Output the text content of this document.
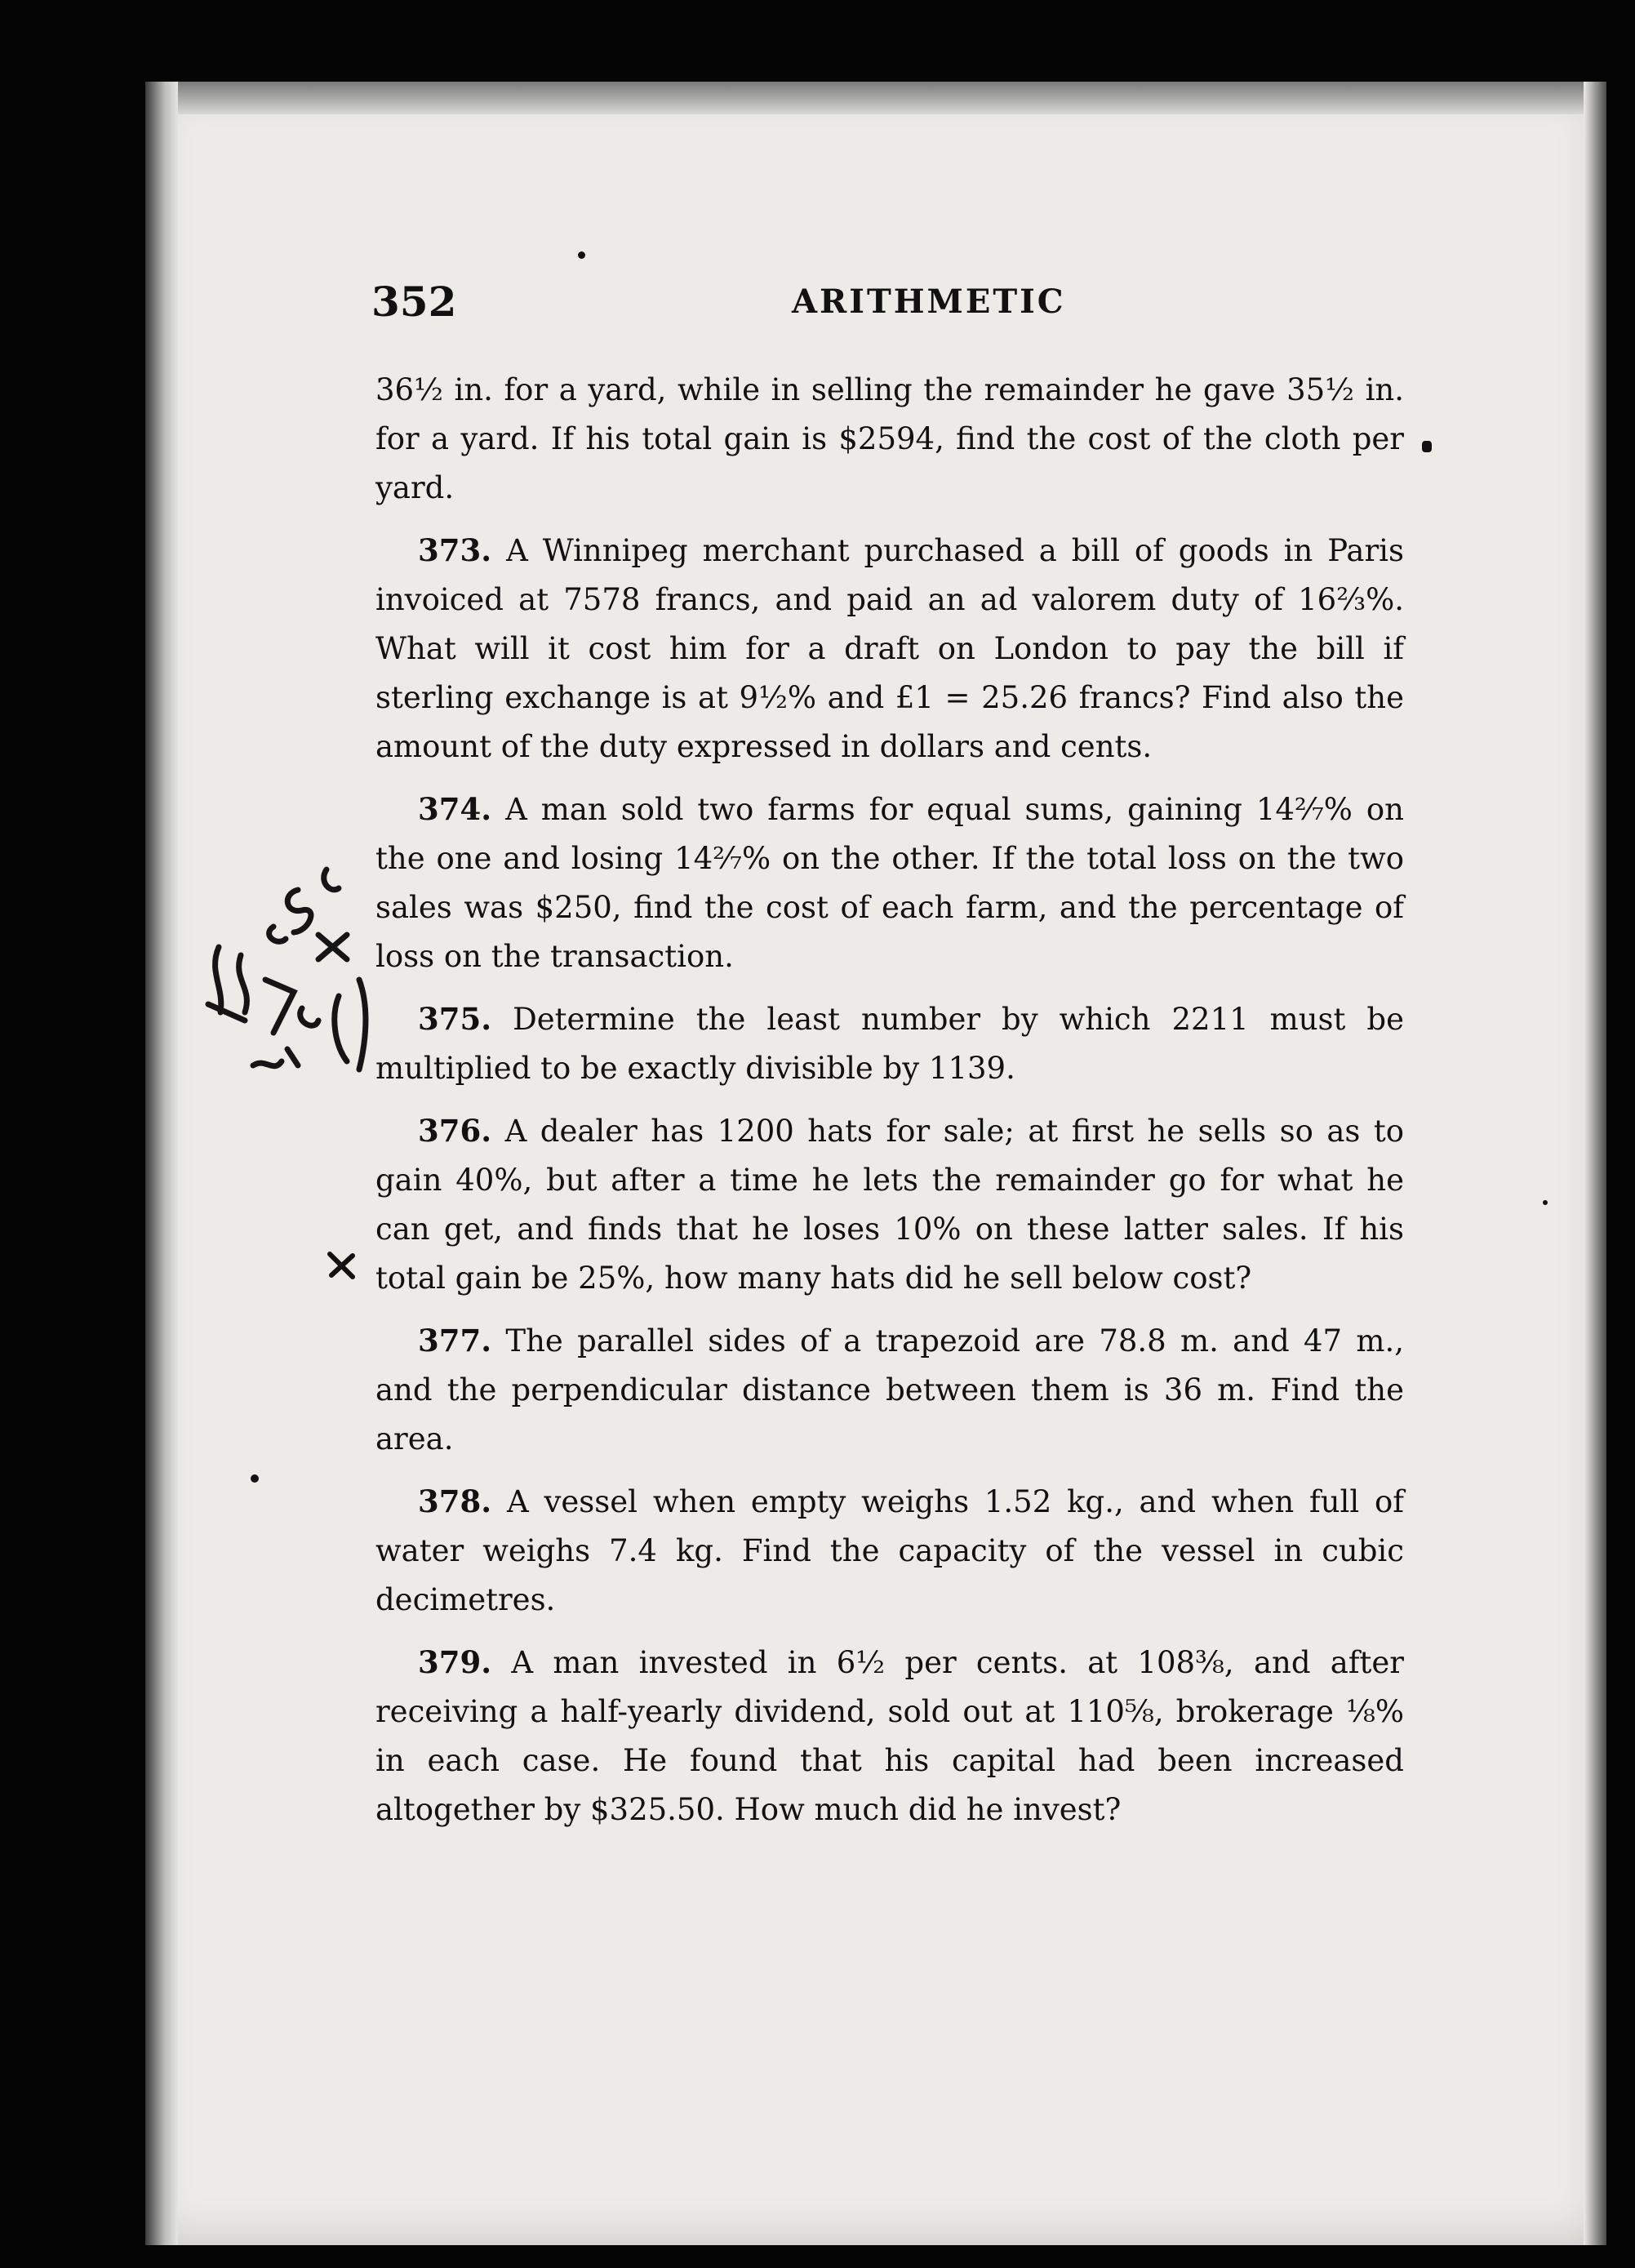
352	ARITHMETIC

36½ in. for a yard, while in selling the remainder he gave 35½ in. for a yard. If his total gain is $2594, find the cost of the cloth per yard.

373. A Winnipeg merchant purchased a bill of goods in Paris invoiced at 7578 francs, and paid an ad valorem duty of 16⅔%. What will it cost him for a draft on London to pay the bill if sterling exchange is at 9½% and £1 = 25.26 francs? Find also the amount of the duty expressed in dollars and cents.

374. A man sold two farms for equal sums, gaining 14²⁄₇% on the one and losing 14²⁄₇% on the other. If the total loss on the two sales was $250, find the cost of each farm, and the percentage of loss on the transaction.

375. Determine the least number by which 2211 must be multiplied to be exactly divisible by 1139.

376. A dealer has 1200 hats for sale; at first he sells so as to gain 40%, but after a time he lets the remainder go for what he can get, and finds that he loses 10% on these latter sales. If his total gain be 25%, how many hats did he sell below cost?

377. The parallel sides of a trapezoid are 78.8 m. and 47 m., and the perpendicular distance between them is 36 m. Find the area.

378. A vessel when empty weighs 1.52 kg., and when full of water weighs 7.4 kg. Find the capacity of the vessel in cubic decimetres.

379. A man invested in 6½ per cents. at 108⅜, and after receiving a half-yearly dividend, sold out at 110⅝, brokerage ⅛% in each case. He found that his capital had been increased altogether by $325.50. How much did he invest?
